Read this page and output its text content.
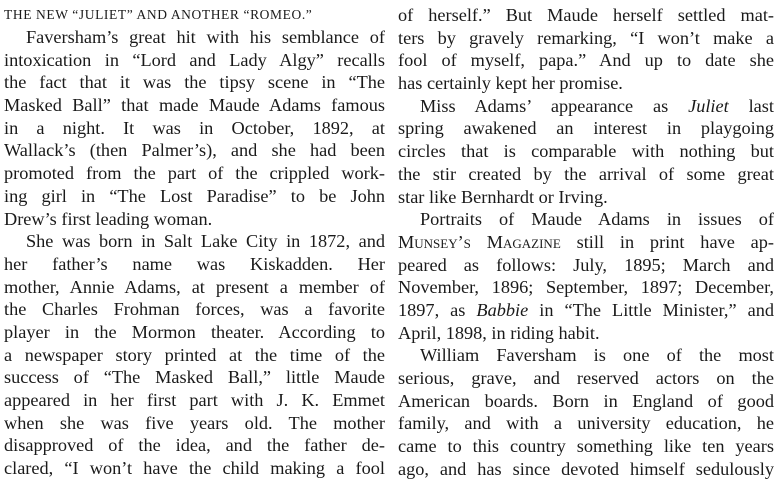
THE NEW “JULIET” AND ANOTHER “ROMEO.”
Faversham’s great hit with his semblance of
intoxication in “Lord and Lady Algy” recalls
the fact that it was the tipsy scene in “The
Masked Ball” that made Maude Adams famous
in a night. It was in October, 1892, at
Wallack’s (then Palmer’s), and she had been
promoted from the part of the crippled work-
ing girl in “The Lost Paradise” to be John
Drew’s first leading woman.
She was born in Salt Lake City in 1872, and
her father’s name was Kiskadden. Her
mother, Annie Adams, at present a member of
the Charles Frohman forces, was a favorite
player in the Mormon theater. According to
a newspaper story printed at the time of the
success of “The Masked Ball,” little Maude
appeared in her first part with J. K. Emmet
when she was five years old. The mother
disapproved of the idea, and the father de-
clared, “I won’t have the child making a fool
of herself.” But Maude herself settled mat-
ters by gravely remarking, “I won’t make a
fool of myself, papa.” And up to date she
has certainly kept her promise.
Miss Adams’ appearance as Juliet last
spring awakened an interest in playgoing
circles that is comparable with nothing but
the stir created by the arrival of some great
star like Bernhardt or Irving.
Portraits of Maude Adams in issues of
Munsey’s Magazine still in print have ap-
peared as follows: July, 1895; March and
November, 1896; September, 1897; December,
1897, as Babbie in “The Little Minister,” and
April, 1898, in riding habit.
William Faversham is one of the most
serious, grave, and reserved actors on the
American boards. Born in England of good
family, and with a university education, he
came to this country something like ten years
ago, and has since devoted himself sedulously
